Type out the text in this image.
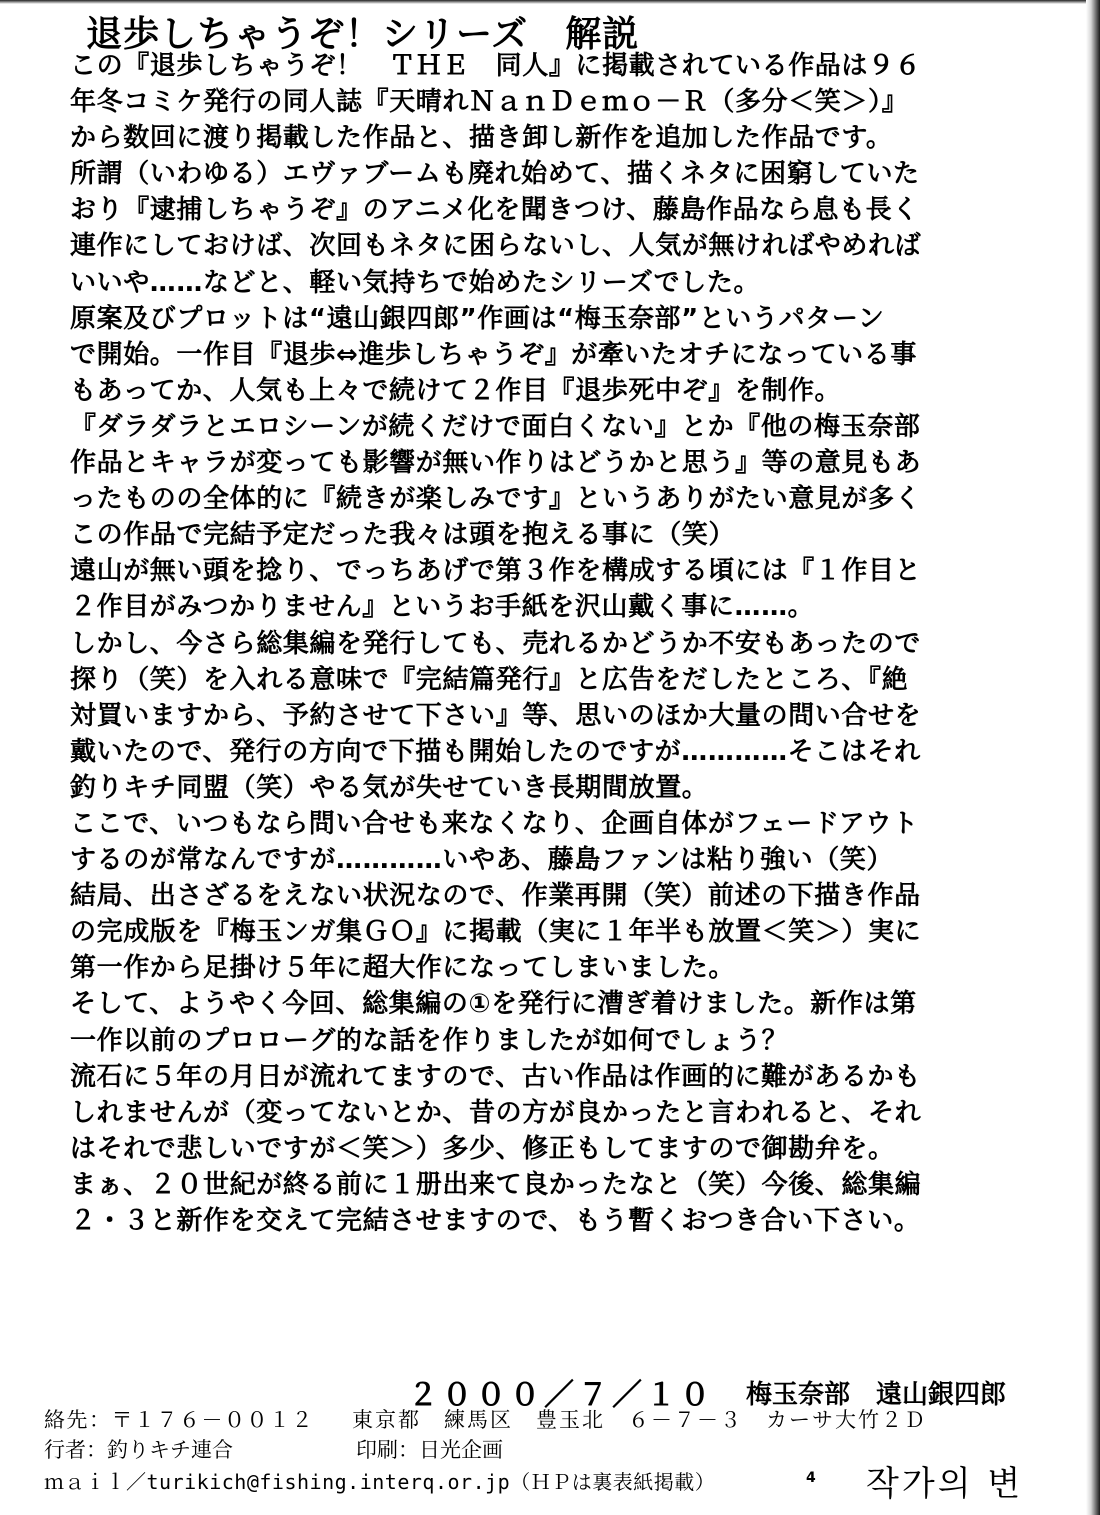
退歩しちゃうぞ！シリーズ　解説
この『退歩しちゃうぞ！　ＴＨＥ　同人』に掲載されている作品は９６
年冬コミケ発行の同人誌『天晴れＮａｎＤｅｍｏ－Ｒ（多分＜笑＞）』
から数回に渡り掲載した作品と、描き卸し新作を追加した作品です。
所謂（いわゆる）エヴァブームも廃れ始めて、描くネタに困窮していた
おり『逮捕しちゃうぞ』のアニメ化を聞きつけ、藤島作品なら息も長く
連作にしておけば、次回もネタに困らないし、人気が無ければやめれば
いいや……などと、軽い気持ちで始めたシリーズでした。
原案及びプロットは“遠山銀四郎”作画は“梅玉奈部”というパターン
で開始。一作目『退歩⇔進歩しちゃうぞ』が牽いたオチになっている事
もあってか、人気も上々で続けて２作目『退歩死中ぞ』を制作。
『ダラダラとエロシーンが続くだけで面白くない』とか『他の梅玉奈部
作品とキャラが変っても影響が無い作りはどうかと思う』等の意見もあ
ったものの全体的に『続きが楽しみです』というありがたい意見が多く
この作品で完結予定だった我々は頭を抱える事に（笑）
遠山が無い頭を捻り、でっちあげで第３作を構成する頃には『１作目と
２作目がみつかりません』というお手紙を沢山戴く事に……。
しかし、今さら総集編を発行しても、売れるかどうか不安もあったので
探り（笑）を入れる意味で『完結篇発行』と広告をだしたところ、『絶
対買いますから、予約させて下さい』等、思いのほか大量の問い合せを
戴いたので、発行の方向で下描も開始したのですが…………そこはそれ
釣りキチ同盟（笑）やる気が失せていき長期間放置。
ここで、いつもなら問い合せも来なくなり、企画自体がフェードアウト
するのが常なんですが…………いやあ、藤島ファンは粘り強い（笑）
結局、出さざるをえない状況なので、作業再開（笑）前述の下描き作品
の完成版を『梅玉ンガ集ＧＯ』に掲載（実に１年半も放置＜笑＞）実に
第一作から足掛け５年に超大作になってしまいました。
そして、ようやく今回、総集編の①を発行に漕ぎ着けました。新作は第
一作以前のプロローグ的な話を作りましたが如何でしょう？
流石に５年の月日が流れてますので、古い作品は作画的に難があるかも
しれませんが（変ってないとか、昔の方が良かったと言われると、それ
はそれで悲しいですが＜笑＞）多少、修正もしてますので御勘弁を。
まぁ、２０世紀が終る前に１册出来て良かったなと（笑）今後、総集編
２・３と新作を交えて完結させますので、もう暫くおつき合い下さい。
２０００／７／１０ 梅玉奈部　遠山銀四郎
絡先：〒１７６－００１２ 東京都　練馬区　豊玉北　６－７－３　カーサ大竹２Ｄ
行者：釣りキチ連合	印刷：日光企画
ｍａｉｌ／turikich@fishing.interq.or.jp（ＨＰは裏表紙掲載）	4 작가의 변
